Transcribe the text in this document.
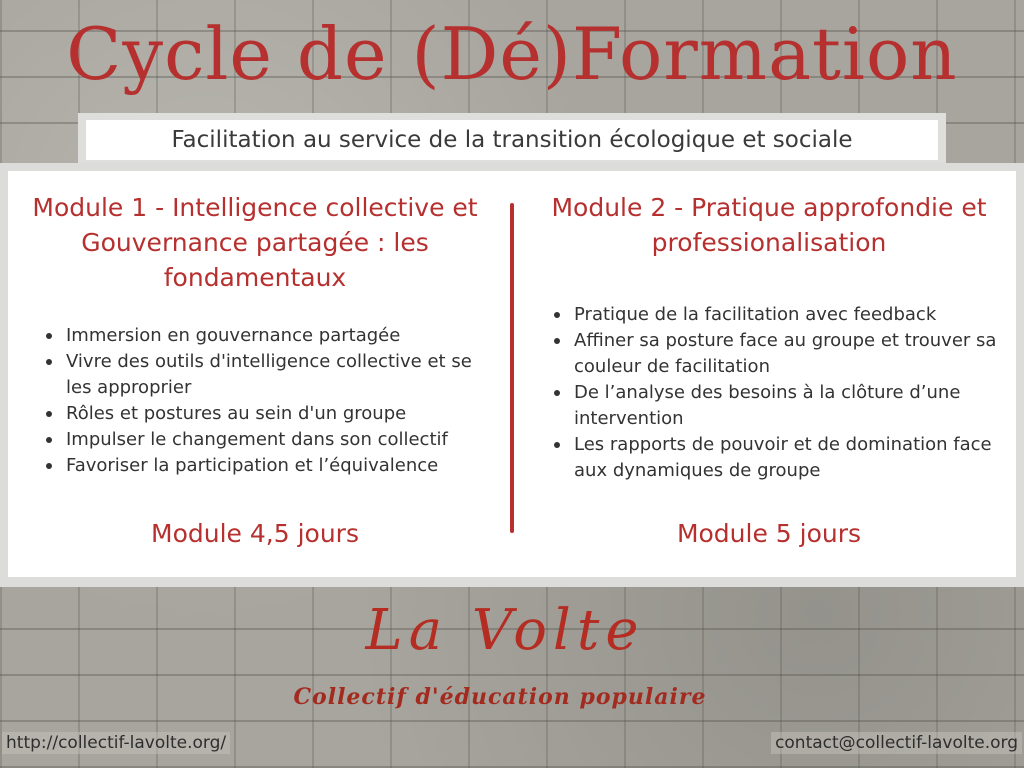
Cycle de (Dé)Formation
Facilitation au service de la transition écologique et sociale
Module 1 - Intelligence collective et Gouvernance partagée : les fondamentaux
Immersion en gouvernance partagée
Vivre des outils d'intelligence collective et se les approprier
Rôles et postures au sein d'un groupe
Impulser le changement dans son collectif
Favoriser la participation et l’équivalence
Module 4,5 jours
Module 2 - Pratique approfondie et professionalisation
Pratique de la facilitation avec feedback
Affiner sa posture face au groupe et trouver sa couleur de facilitation
De l’analyse des besoins à la clôture d’une intervention
Les rapports de pouvoir et de domination face aux dynamiques de groupe
Module 5 jours
La Volte
Collectif d'éducation populaire
http://collectif-lavolte.org/	contact@collectif-lavolte.org
